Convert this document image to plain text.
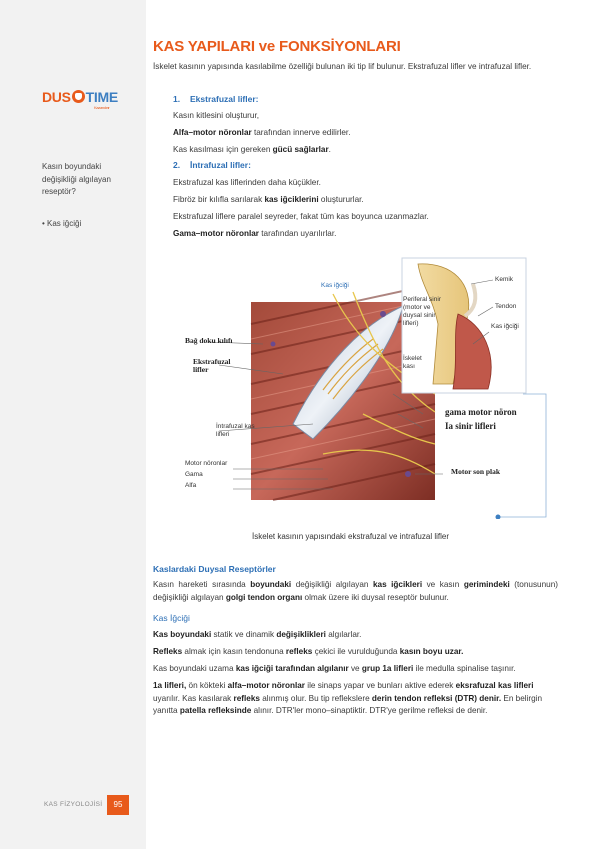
DUS TIME
Kazandırır
Kasın boyundaki değişikliği algılayan reseptör?
• Kas iğciği
KAS FİZYOLOJİSİ	95
KAS YAPILARI ve FONKSİYONLARI
İskelet kasının yapısında kasılabilme özelliği bulunan iki tip lif bulunur. Ekstrafuzal lifler ve intrafuzal lifler.
1. Ekstrafuzal lifler:
Kasın kitlesini oluşturur,
Alfa–motor nöronlar tarafından innerve edilirler.
Kas kasılması için gereken gücü sağlarlar.
2. İntrafuzal lifler:
Ekstrafuzal kas liflerinden daha küçükler.
Fibröz bir kılıfla sarılarak kas iğciklerini oluştururlar.
Ekstrafuzal liflere paralel seyreder, fakat tüm kas boyunca uzanmazlar.
Gama–motor nöronlar tarafından uyarılırlar.
Kas iğciği
Bağ doku kılıfı
Ekstrafuzal lifler
İntrafuzal kas lifleri
Motor nöronlar
Gama
Alfa
Periferal sinir (motor ve duysal sinir lifleri)
İskelet kası
Kemik
Tendon
Kas iğciği
gama motor nöron
Ia sinir lifleri
Motor son plak
İskelet kasının yapısındaki ekstrafuzal ve intrafuzal lifler
Kaslardaki Duysal Reseptörler
Kasın hareketi sırasında boyundaki değişikliği algılayan kas iğcikleri ve kasın gerimindeki (tonusunun) değişikliği algılayan golgi tendon organı olmak üzere iki duysal reseptör bulunur.
Kas İğciği
Kas boyundaki statik ve dinamik değişiklikleri algılarlar.
Refleks almak için kasın tendonuna refleks çekici ile vurulduğunda kasın boyu uzar.
Kas boyundaki uzama kas iğciği tarafından algılanır ve grup 1a lifleri ile medulla spinalise taşınır.
1a lifleri, ön kökteki alfa–motor nöronlar ile sinaps yapar ve bunları aktive ederek eksrafuzal kas lifleri uyarılır. Kas kasılarak refleks alınmış olur. Bu tip reflekslere derin tendon refleksi (DTR) denir. En belirgin yanıtta patella refleksinde alınır. DTR'ler mono–sinaptiktir. DTR'ye gerilme refleksi de denir.
